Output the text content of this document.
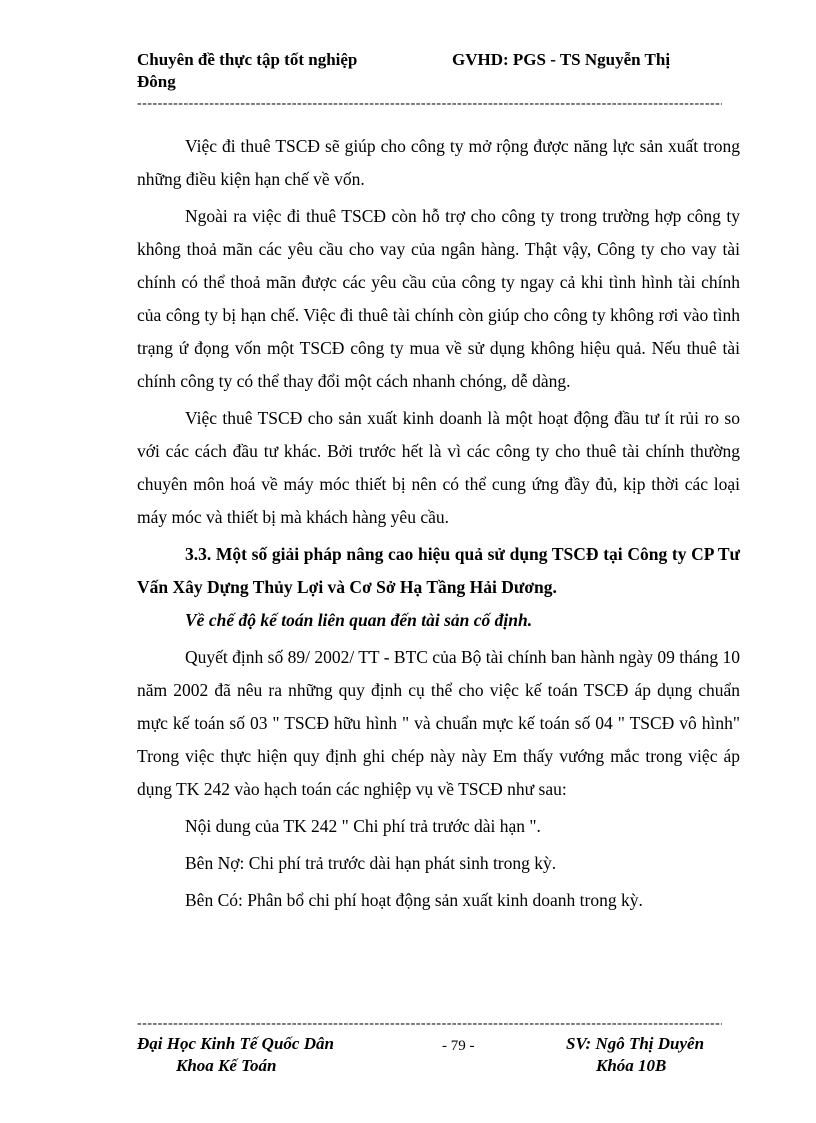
Chuyên đề thực tập tốt nghiệp	GVHD: PGS - TS Nguyễn Thị
Đông
-----

Việc đi thuê TSCĐ sẽ giúp cho công ty mở rộng được năng lực sản xuất trong những điều kiện hạn chế về vốn.

Ngoài ra việc đi thuê TSCĐ còn hỗ trợ cho công ty trong trường hợp công ty không thoả mãn các yêu cầu cho vay của ngân hàng. Thật vậy, Công ty cho vay tài chính có thể thoả mãn được các yêu cầu của công ty ngay cả khi tình hình tài chính của công ty bị hạn chế. Việc đi thuê tài chính còn giúp cho công ty không rơi vào tình trạng ứ đọng vốn một TSCĐ công ty mua về sử dụng không hiệu quả. Nếu thuê tài chính công ty có thể thay đổi một cách nhanh chóng, dễ dàng.

Việc thuê TSCĐ cho sản xuất kinh doanh là một hoạt động đầu tư ít rủi ro so với các cách đầu tư khác. Bởi trước hết là vì các công ty cho thuê tài chính thường chuyên môn hoá về máy móc thiết bị nên có thể cung ứng đầy đủ, kịp thời các loại máy móc và thiết bị mà khách hàng yêu cầu.

3.3. Một số giải pháp nâng cao hiệu quả sử dụng TSCĐ tại Công ty CP Tư Vấn Xây Dựng Thủy Lợi và Cơ Sở Hạ Tầng Hải Dương.

Về chế độ kế toán liên quan đến tài sản cố định.

Quyết định số 89/ 2002/ TT - BTC của Bộ tài chính ban hành ngày 09 tháng 10 năm 2002 đã nêu ra những quy định cụ thể cho việc kế toán TSCĐ áp dụng chuẩn mực kế toán số 03 " TSCĐ hữu hình " và chuẩn mực kế toán số 04 " TSCĐ vô hình" Trong việc thực hiện quy định ghi chép này này Em thấy vướng mắc trong việc áp dụng TK 242 vào hạch toán các nghiệp vụ về TSCĐ như sau:

Nội dung của TK 242 " Chi phí trả trước dài hạn ".

Bên Nợ: Chi phí trả trước dài hạn phát sinh trong kỳ.

Bên Có: Phân bổ chi phí hoạt động sản xuất kinh doanh trong kỳ.

-----
Đại Học Kinh Tế Quốc Dân
Khoa Kế Toán
- 79 -	SV: Ngô Thị Duyên
Khóa 10B
